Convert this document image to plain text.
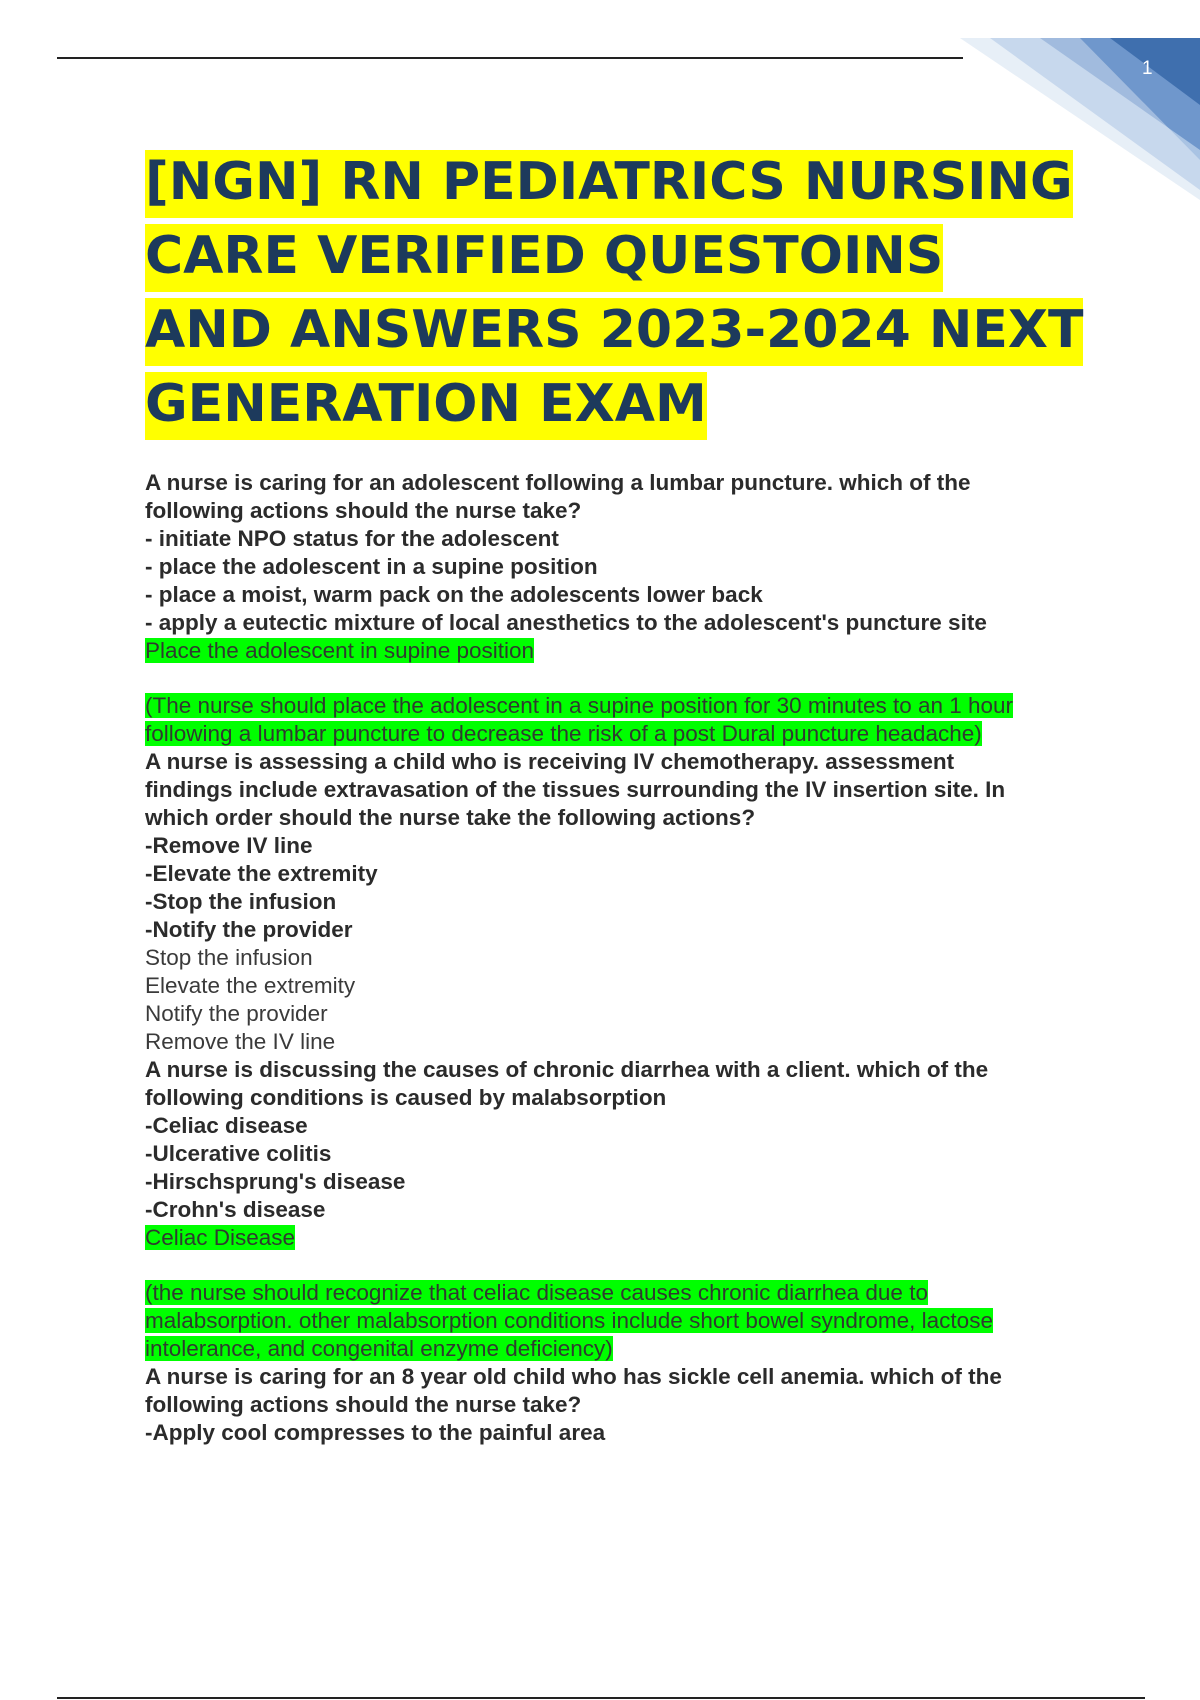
1
[NGN] RN PEDIATRICS NURSING
CARE VERIFIED QUESTOINS
AND ANSWERS 2023-2024 NEXT
GENERATION EXAM
A nurse is caring for an adolescent following a lumbar puncture. which of the
following actions should the nurse take?
- initiate NPO status for the adolescent
- place the adolescent in a supine position
- place a moist, warm pack on the adolescents lower back
- apply a eutectic mixture of local anesthetics to the adolescent's puncture site
Place the adolescent in supine position
(The nurse should place the adolescent in a supine position for 30 minutes to an 1 hour
following a lumbar puncture to decrease the risk of a post Dural puncture headache)
A nurse is assessing a child who is receiving IV chemotherapy. assessment
findings include extravasation of the tissues surrounding the IV insertion site. In
which order should the nurse take the following actions?
-Remove IV line
-Elevate the extremity
-Stop the infusion
-Notify the provider
Stop the infusion
Elevate the extremity
Notify the provider
Remove the IV line
A nurse is discussing the causes of chronic diarrhea with a client. which of the
following conditions is caused by malabsorption
-Celiac disease
-Ulcerative colitis
-Hirschsprung's disease
-Crohn's disease
Celiac Disease
(the nurse should recognize that celiac disease causes chronic diarrhea due to
malabsorption. other malabsorption conditions include short bowel syndrome, lactose
intolerance, and congenital enzyme deficiency)
A nurse is caring for an 8 year old child who has sickle cell anemia. which of the
following actions should the nurse take?
-Apply cool compresses to the painful area
